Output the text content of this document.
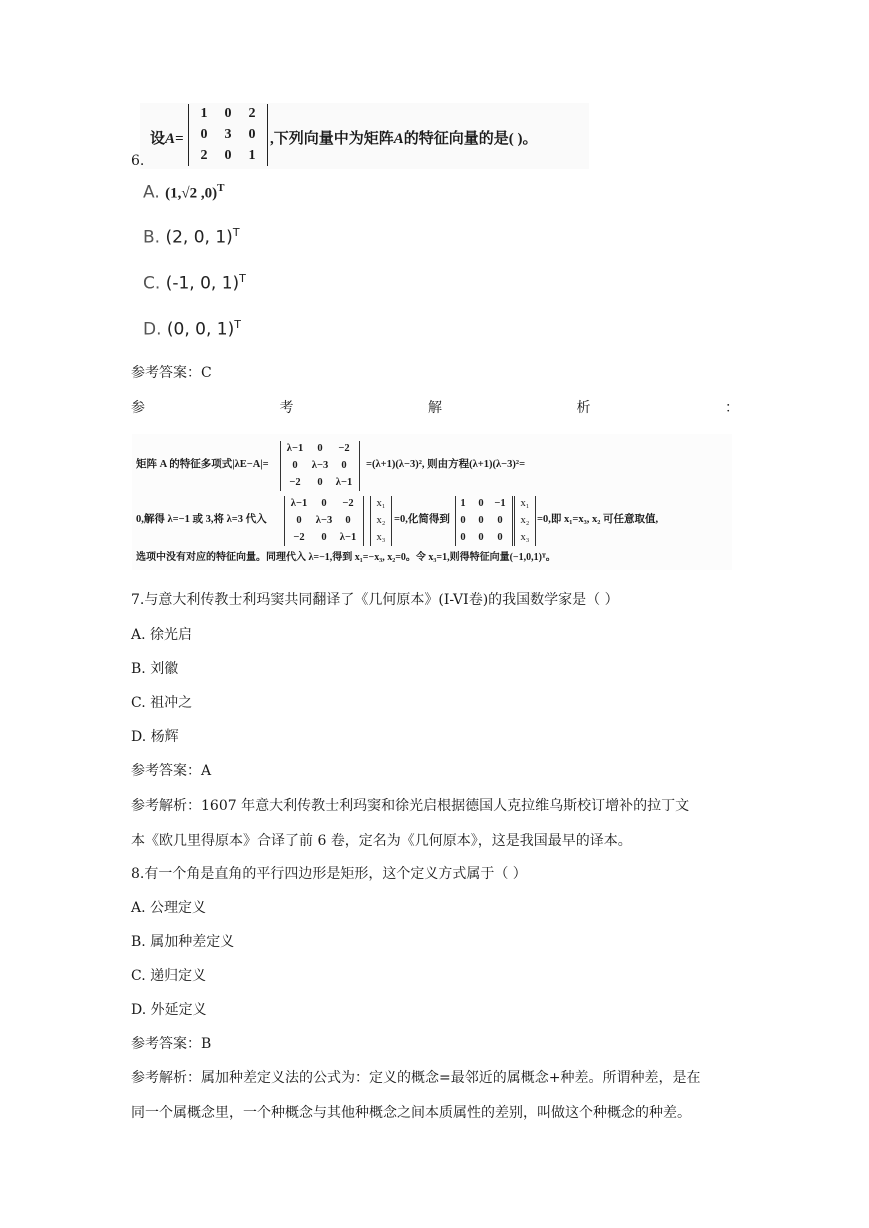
6.
设A=
1	0	2
0	3	0
2	0	1
,下列向量中为矩阵A的特征向量的是( )。
A. (1,√2 ,0)$^T$
B. (2, 0, 1)$^T$
C. (-1, 0, 1)$^T$
D. (0, 0, 1)$^T$
参考答案：C
参	考	解	析	：
矩阵 A 的特征多项式|λE−A|=
λ−1	0	−2
0	λ−3	0
−2	0	λ−1
=(λ+1)(λ−3)², 则由方程(λ+1)(λ−3)²=
0,解得 λ=−1 或 3,将 λ=3 代入
λ−1	0	−2
0	λ−3	0
−2	0	λ−1
x₁
x₂
x₃
=0,化简得到
1	0	−1
0	0	0
0	0	0
x₁
x₂
x₃
=0,即 x₁=x₃, x₂ 可任意取值,
选项中没有对应的特征向量。同理代入 λ=−1,得到 x₁=−x₃, x₂=0。令 x₃=1,则得特征向量(−1,0,1)ᵀ。
7.与意大利传教士利玛窦共同翻译了《几何原本》(I-VI卷)的我国数学家是（ ）
A. 徐光启
B. 刘徽
C. 祖冲之
D. 杨辉
参考答案：A
参考解析：1607 年意大利传教士利玛窦和徐光启根据德国人克拉维乌斯校订增补的拉丁文
本《欧几里得原本》合译了前 6 卷，定名为《几何原本》，这是我国最早的译本。
8.有一个角是直角的平行四边形是矩形，这个定义方式属于（ ）
A. 公理定义
B. 属加种差定义
C. 递归定义
D. 外延定义
参考答案：B
参考解析：属加种差定义法的公式为：定义的概念=最邻近的属概念+种差。所谓种差，是在
同一个属概念里，一个种概念与其他种概念之间本质属性的差别，叫做这个种概念的种差。
